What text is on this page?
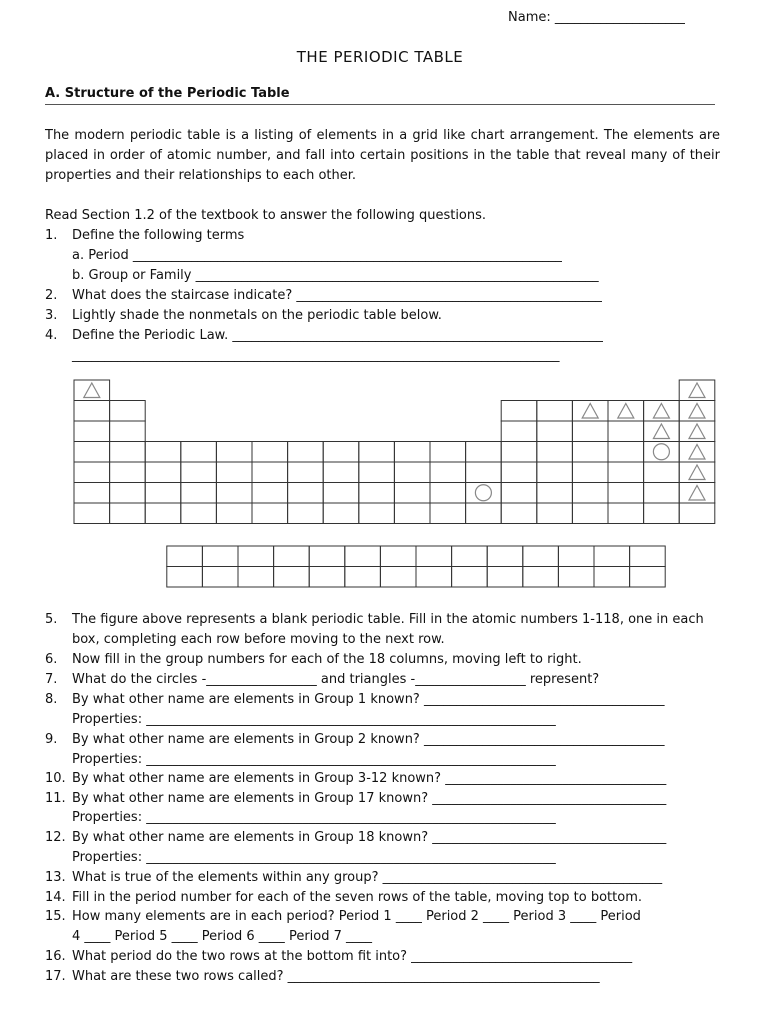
Name: ____________________
THE PERIODIC TABLE
A. Structure of the Periodic Table
The modern periodic table is a listing of elements in a grid like chart arrangement. The elements are placed in order of atomic number, and fall into certain positions in the table that reveal many of their properties and their relationships to each other.
Read Section 1.2 of the textbook to answer the following questions.
1. Define the following terms
a. Period __________________________________________________________________
b. Group or Family ______________________________________________________________
2. What does the staircase indicate? _______________________________________________
3. Lightly shade the nonmetals on the periodic table below.
4. Define the Periodic Law. _________________________________________________________
___________________________________________________________________________
5. The figure above represents a blank periodic table. Fill in the atomic numbers 1-118, one in each
box, completing each row before moving to the next row.
6. Now fill in the group numbers for each of the 18 columns, moving left to right.
7. What do the circles -_________________ and triangles -_________________ represent?
8. By what other name are elements in Group 1 known? _____________________________________
Properties: _______________________________________________________________
9. By what other name are elements in Group 2 known? _____________________________________
Properties: _______________________________________________________________
10. By what other name are elements in Group 3-12 known? __________________________________
11. By what other name are elements in Group 17 known? ____________________________________
Properties: _______________________________________________________________
12. By what other name are elements in Group 18 known? ____________________________________
Properties: _______________________________________________________________
13. What is true of the elements within any group? ___________________________________________
14. Fill in the period number for each of the seven rows of the table, moving top to bottom.
15. How many elements are in each period? Period 1 ____ Period 2 ____ Period 3 ____ Period
4 ____ Period 5 ____ Period 6 ____ Period 7 ____
16. What period do the two rows at the bottom fit into? __________________________________
17. What are these two rows called? ________________________________________________
